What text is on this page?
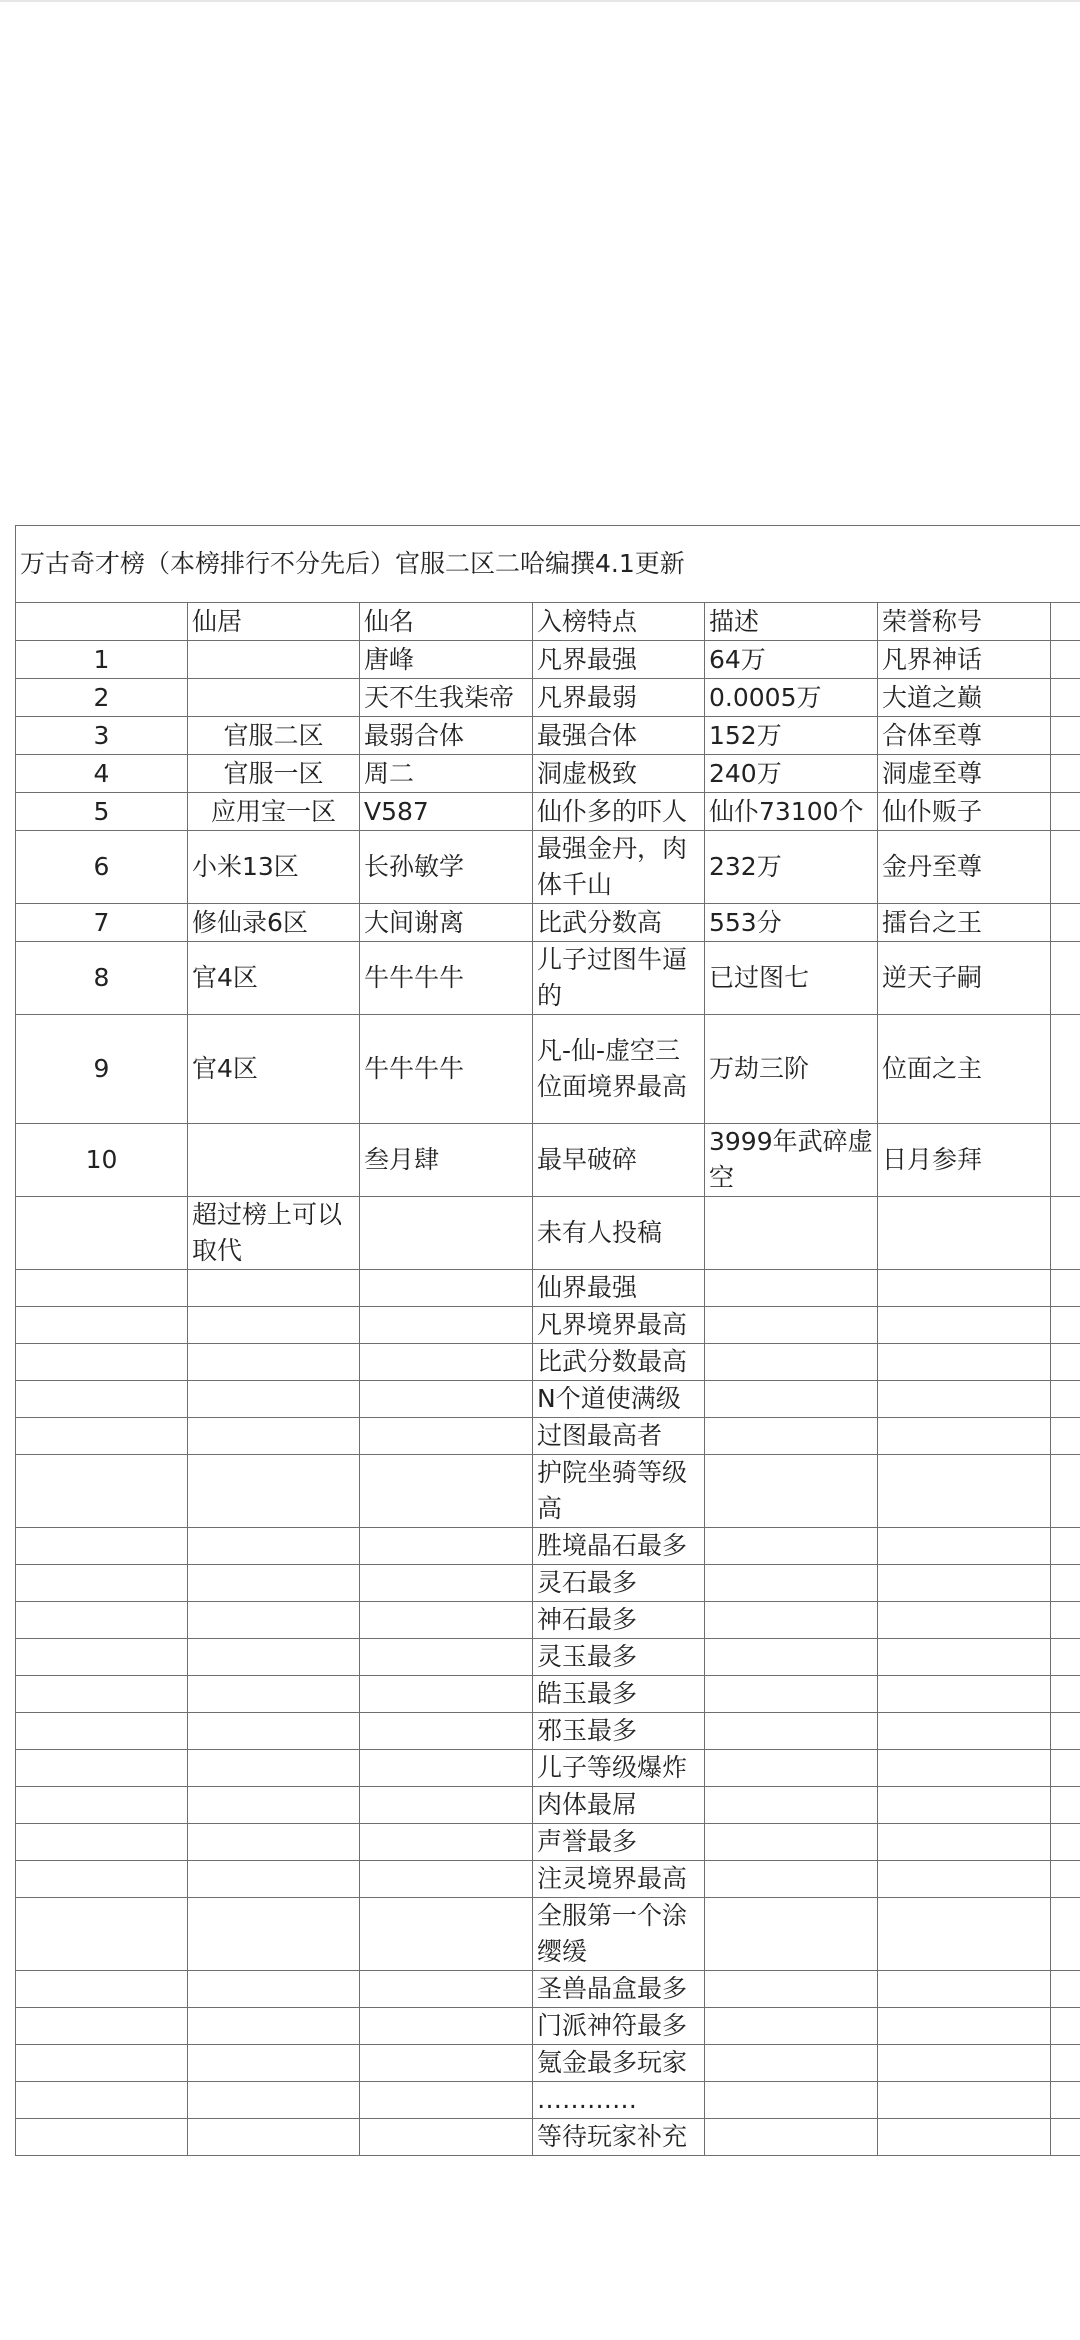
万古奇才榜（本榜排行不分先后）官服二区二哈编撰4.1更新						
	仙居	仙名	入榜特点	描述	荣誉称号	
1		唐峰	凡界最强	64万	凡界神话	
2		天不生我柒帝	凡界最弱	0.0005万	大道之巅	
3	官服二区	最弱合体	最强合体	152万	合体至尊	
4	官服一区	周二	洞虚极致	240万	洞虚至尊	
5	应用宝一区	V587	仙仆多的吓人	仙仆73100个	仙仆贩子	
6	小米13区	长孙敏学	最强金丹，肉体千山	232万	金丹至尊	
7	修仙录6区	大间谢离	比武分数高	553分	擂台之王	
8	官4区	牛牛牛牛	儿子过图牛逼的	已过图七	逆天子嗣	
9	官4区	牛牛牛牛	凡-仙-虚空三位面境界最高	万劫三阶	位面之主	
10		叁月肆	最早破碎	3999年武碎虚空	日月参拜	
	超过榜上可以取代		未有人投稿			
			仙界最强			
			凡界境界最高			
			比武分数最高			
			N个道使满级			
			过图最高者			
			护院坐骑等级高			
			胜境晶石最多			
			灵石最多			
			神石最多			
			灵玉最多			
			皓玉最多			
			邪玉最多			
			儿子等级爆炸			
			肉体最屌			
			声誉最多			
			注灵境界最高			
			全服第一个涂缨缓			
			圣兽晶盒最多			
			门派神符最多			
			氪金最多玩家			
			…………			
			等待玩家补充			
